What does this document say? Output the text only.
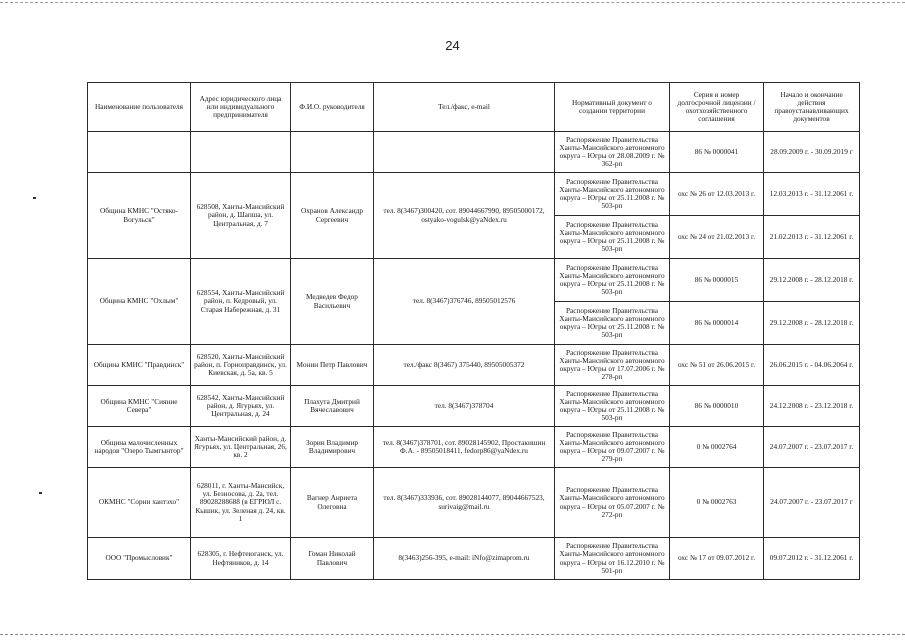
24
Наименование пользователя	Адрес юридического лица или индивидуального предпринимателя	Ф.И.О. руководителя	Тел./факс, e-mail	Нормативный документ о создании территории	Серия и номер долгосрочной лицензии /охотхозяйственного соглашения	Начало и окончание действия правоустанавливающих документов
				Распоряжение Правительства Ханты-Мансийского автономного округа – Югры от 28.08.2009 г. № 362-рп	86 № 0000041	28.09.2009 г. - 30.09.2019 г
Община КМНС "Остяко-Вогульск"	628508, Ханты-Мансийский район, д. Шапша, ул. Центральная, д. 7	Охранов Александр Сергеевич	тел. 8(3467)300420, сот. 89044667990, 89505000172, ostyako-vogulsk@yaNdex.ru	Распоряжение Правительства Ханты-Мансийского автономного округа – Югры от 25.11.2008 г. № 503-рп	охс № 26 от 12.03.2013 г.	12.03.2013 г. - 31.12.2061 г.
				Распоряжение Правительства Ханты-Мансийского автономного округа – Югры от 25.11.2008 г. № 503-рп	охс № 24 от 21.02.2013 г.	21.02.2013 г. - 31.12.2061 г.
Община КМНС "Охлым"	628554, Ханты-Мансийский район, п. Кедровый, ул. Старая Набережная, д. 31	Медведев Федор Васильевич	тел. 8(3467)376746, 89505012576	Распоряжение Правительства Ханты-Мансийского автономного округа – Югры от 25.11.2008 г. № 503-рп	86 № 0000015	29.12.2008 г. - 28.12.2018 г.
				Распоряжение Правительства Ханты-Мансийского автономного округа – Югры от 25.11.2008 г. № 503-рп	86 № 0000014	29.12.2008 г. - 28.12.2018 г.
Община КМНС "Правдинск"	628520, Ханты-Мансийский район, п. Горноправдинск, ул. Киевская, д. 5а, кв. 5	Монин Петр Павлович	тел./факс 8(3467) 375440, 89505005372	Распоряжение Правительства Ханты-Мансийского автономного округа – Югры от 17.07.2006 г. № 278-рп	охс № 51 от 26.06.2015 г.	26.06.2015 г. - 04.06.2064 г.
Община КМНС "Сияние Севера"	628542, Ханты-Мансийский район, д. Ягурьях, ул. Центральная, д. 24	Плахута Дмитрий Вячеславович	тел. 8(3467)378704	Распоряжение Правительства Ханты-Мансийского автономного округа – Югры от 25.11.2008 г. № 503-рп	86 № 0000010	24.12.2008 г. - 23.12.2018 г.
Община малочисленных народов "Озеро Тымгынтор"	Ханты-Мансийский район, д. Ягурьях, ул. Центральная, 26, кв. 2	Зорин Владимир Владимирович	тел. 8(3467)378701, сот. 89028145902, Простакишин Ф.А. - 89505018411, fedorp86@yaNdex.ru	Распоряжение Правительства Ханты-Мансийского автономного округа – Югры от 09.07.2007 г. № 279-рп	0 № 0002764	24.07.2007 г. - 23.07.2017 г.
ОКМНС "Сорни хантэхо"	628011, г. Ханты-Мансийск, ул. Безносова, д. 2а, тел. 89028288688 (в ЕГРЮЛ с. Кышик, ул. Зеленая д. 24, кв. 1	Вагнер Анриета Олеговна	тел. 8(3467)333936, сот. 89028144077, 89044667523, surivaig@mail.ru	Распоряжение Правительства Ханты-Мансийского автономного округа – Югры от 05.07.2007 г. № 272-рп	0 № 0002763	24.07.2007 г. - 23.07.2017 г
ООО "Промысловик"	628305, г. Нефтеюганск, ул. Нефтяников, д. 14	Гоман Николай Павлович	8(3463)256-395, e-mail: iNfo@zimaprom.ru	Распоряжение Правительства Ханты-Мансийского автономного округа – Югры от 16.12.2010 г. № 501-рп	охс № 17 от 09.07.2012 г.	09.07.2012 г. - 31.12.2061 г.
